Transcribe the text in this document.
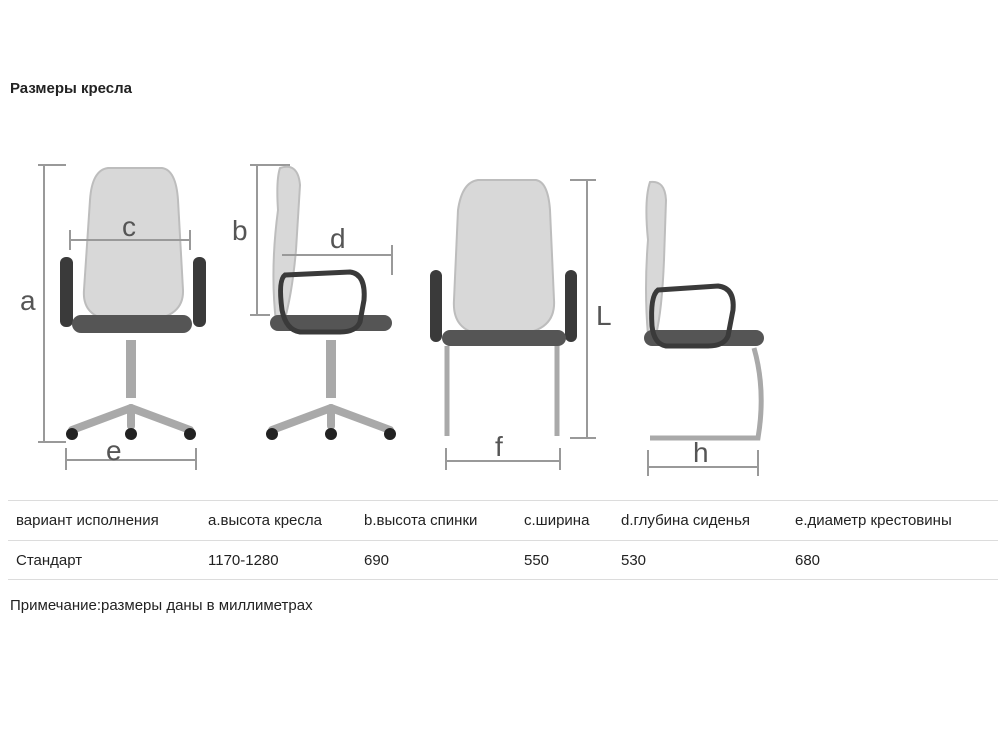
Размеры кресла
a
c
e
b	d
L
f	h
вариант исполнения	a.высота кресла	b.высота спинки	c.ширина	d.глубина сиденья	e.диаметр крестовины
Стандарт	1170-1280	690	550	530	680
Примечание:размеры даны в миллиметрах
